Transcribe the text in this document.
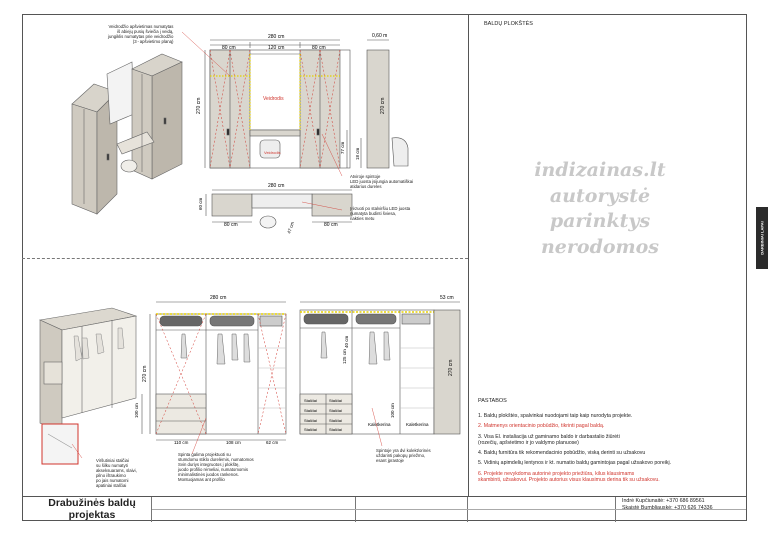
280 cm
80 cm	120 cm	80 cm
270 cm
77 cm
Veidrodis
Veidrodis
0,60 m
270 cm
18 cm
280 cm
60 cm
80 cm	47 cm	80 cm
Veidrodžio apšvietimas numatytas
iš abiejų pusių šviečia į veidą,
jungiklis numatytas prie veidrodžio
(3 - apšvietimo planą)
Atviroje spintoje
LED juosta įsijungia automatiškai
atidarius dureles
Įrėzuoti po stalviršiu LED juosta
numatyta budinti šviesa,
nakties metu
280 cm
270 cm
100 cm
110 cm	108 cm	62 cm
125 cm
40 cm
100 cm
Stalčiai	Stalčiai
Stalčiai	Stalčiai
Stalčiai	Stalčiai
Stalčiai	Stalčiai
Kaletkerina	Kaletkerina
53 cm
270 cm
Viršutiniai stalčiai
su šilku numatyti
akseksuarams, slaivi,
pilno ištraukimo
po jais numatomi
apatiniai stalčiai
Spinta galima projektuoti su
stumdomu stiklo durelėmis, numatomos
Svin duriys integruotos į plokštę,
juodo profilio rėmeliai, numatomomis
minimalistinės juodos rankenos.
Montuojamas ant profilio
Spintoje yra dvi kolekt/orinės
uždarinti pakopų priežmo,
esant įprastoje
BALDŲ PLOKŠTĖS
indizainas.lt
autorystė
parinktys
nerodomos	DARBINIAI LAPAI
PASTABOS
1. Baldų plokštės, spalvinkai nuodojami taip kaip nurodyta projekte.
2. Matmenys orientacinio pobūdžio, tikrinti pagal baldą.
3. Visa El. instaliacija už gaminamo baldo ir darbastalio žiūrėti
(rozečių, apšvietimo ir jo valdymo planuose)
4. Baldų furnitūra tik rekomendacinio pobūdžio, viską derinti su užsakovu
5. Vidinių apimdelių lentynos ir kt. numatio baldų gamintojas pagal užsakovo poreikį.
6. Projekte nevykdoma autorinė projekto priežiūra, kilus klausimams
skambinti, užsakovui. Projekto autorius visus klausimus derina tik su užsakovu.
Drabužinės baldų
projektas
Indrė Kupčiunaitė: +370 686 89561
Skaistė Bumbliauskė: +370 626 74336
